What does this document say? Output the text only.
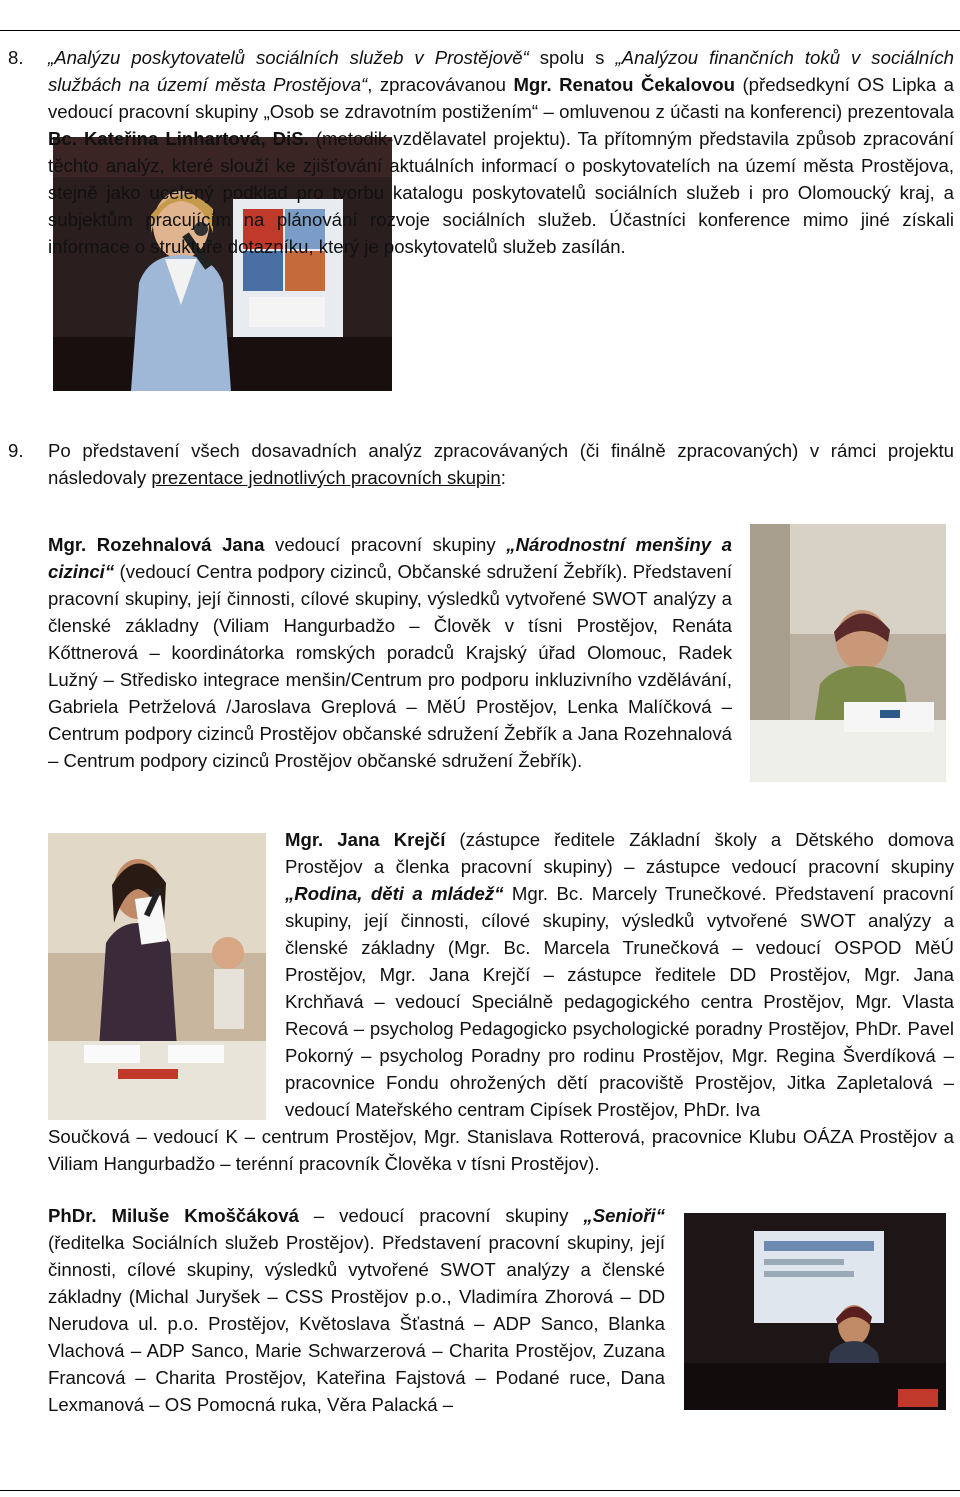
8. „Analýzu poskytovatelů sociálních služeb v Prostějově“ spolu s „Analýzou finančních toků v sociálních službách na území města Prostějova“, zpracovávanou Mgr. Renatou Čekalovou (předsedkyní OS Lipka a vedoucí pracovní skupiny „Osob se zdravotním postižením“ – omluvenou z účasti na konferenci) prezentovala Bc. Kateřina Linhartová, DiS. (metodik-vzdělavatel projektu). Ta přítomným představila způsob zpracování těchto analýz, které slouží ke zjišťování aktuálních informací o poskytovatelích na území města Prostějova, stejně jako ucelený podklad pro tvorbu katalogu poskytovatelů sociálních služeb i pro Olomoucký kraj, a subjektům pracujícím na plánování rozvoje sociálních služeb. Účastníci konference mimo jiné získali informace o struktuře dotazníku, který je poskytovatelů služeb zasílán.

9. Po představení všech dosavadních analýz zpracovávaných (či finálně zpracovaných) v rámci projektu následovaly prezentace jednotlivých pracovních skupin:

Mgr. Rozehnalová Jana vedoucí pracovní skupiny „Národnostní menšiny a cizinci“ (vedoucí Centra podpory cizinců, Občanské sdružení Žebřík). Představení pracovní skupiny, její činnosti, cílové skupiny, výsledků vytvořené SWOT analýzy a členské základny (Viliam Hangurbadžo – Člověk v tísni Prostějov, Renáta Kőttnerová – koordinátorka romských poradců Krajský úřad Olomouc, Radek Lužný – Středisko integrace menšin/Centrum pro podporu inkluzivního vzdělávání, Gabriela Petrželová /Jaroslava Greplová – MěÚ Prostějov, Lenka Malíčková – Centrum podpory cizinců Prostějov občanské sdružení Žebřík a Jana Rozehnalová – Centrum podpory cizinců Prostějov občanské sdružení Žebřík).

Mgr. Jana Krejčí (zástupce ředitele Základní školy a Dětského domova Prostějov a členka pracovní skupiny) – zástupce vedoucí pracovní skupiny „Rodina, děti a mládež“ Mgr. Bc. Marcely Trunečkové. Představení pracovní skupiny, její činnosti, cílové skupiny, výsledků vytvořené SWOT analýzy a členské základny (Mgr. Bc. Marcela Trunečková – vedoucí OSPOD MěÚ Prostějov, Mgr. Jana Krejčí – zástupce ředitele DD Prostějov, Mgr. Jana Krchňavá – vedoucí Speciálně pedagogického centra Prostějov, Mgr. Vlasta Recová – psycholog Pedagogicko psychologické poradny Prostějov, PhDr. Pavel Pokorný – psycholog Poradny pro rodinu Prostějov, Mgr. Regina Šverdíková – pracovnice Fondu ohrožených dětí pracoviště Prostějov, Jitka Zapletalová – vedoucí Mateřského centram Cipísek Prostějov, PhDr. Iva

Součková – vedoucí K – centrum Prostějov, Mgr. Stanislava Rotterová, pracovnice Klubu OÁZA Prostějov a Viliam Hangurbadžo – terénní pracovník Člověka v tísni Prostějov).

PhDr. Miluše Kmoščáková – vedoucí pracovní skupiny „Senioři“ (ředitelka Sociálních služeb Prostějov). Představení pracovní skupiny, její činnosti, cílové skupiny, výsledků vytvořené SWOT analýzy a členské základny (Michal Juryšek – CSS Prostějov p.o., Vladimíra Zhorová – DD Nerudova ul. p.o. Prostějov, Květoslava Šťastná – ADP Sanco, Blanka Vlachová – ADP Sanco, Marie Schwarzerová – Charita Prostějov, Zuzana Francová – Charita Prostějov, Kateřina Fajstová – Podané ruce, Dana Lexmanová – OS Pomocná ruka, Věra Palacká –
